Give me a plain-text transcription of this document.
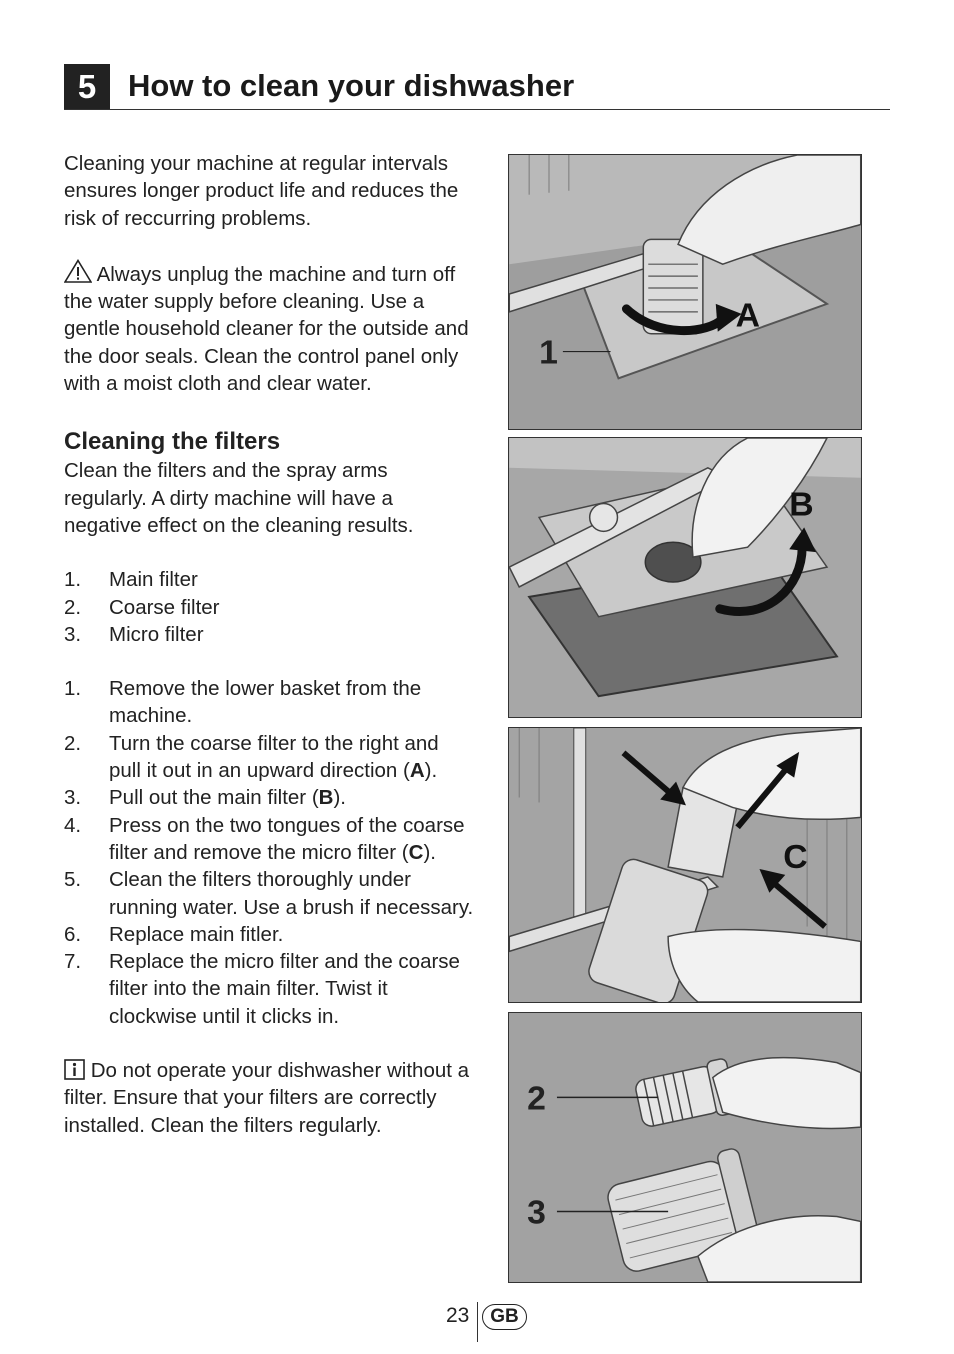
5	How to clean your dishwasher

Cleaning your machine at regular intervals ensures longer product life and reduces the risk of reccurring problems.

Always unplug the machine and turn off the water supply before cleaning. Use a gentle household cleaner for the outside and the door seals. Clean the control panel only with a moist cloth and clear water.

Cleaning the filters

Clean the filters and the spray arms regularly. A dirty machine will have a negative effect on the cleaning results.

1. Main filter
2. Coarse filter
3. Micro filter
1. Remove the lower basket from the machine.
2. Turn the coarse filter to the right and pull it out in an upward direction (A).
3. Pull out the main filter (B).
4. Press on the two tongues of the coarse filter and remove the micro filter (C).
5. Clean the filters thoroughly under running water. Use a brush if necessary.
6. Replace main fitler.
7. Replace the micro filter and the coarse filter into the main filter. Twist it clockwise until it clicks in.

Do not operate your dishwasher without a filter. Ensure that your filters are correctly installed. Clean the filters regularly.

1
A
B
C
2
3
23	GB
